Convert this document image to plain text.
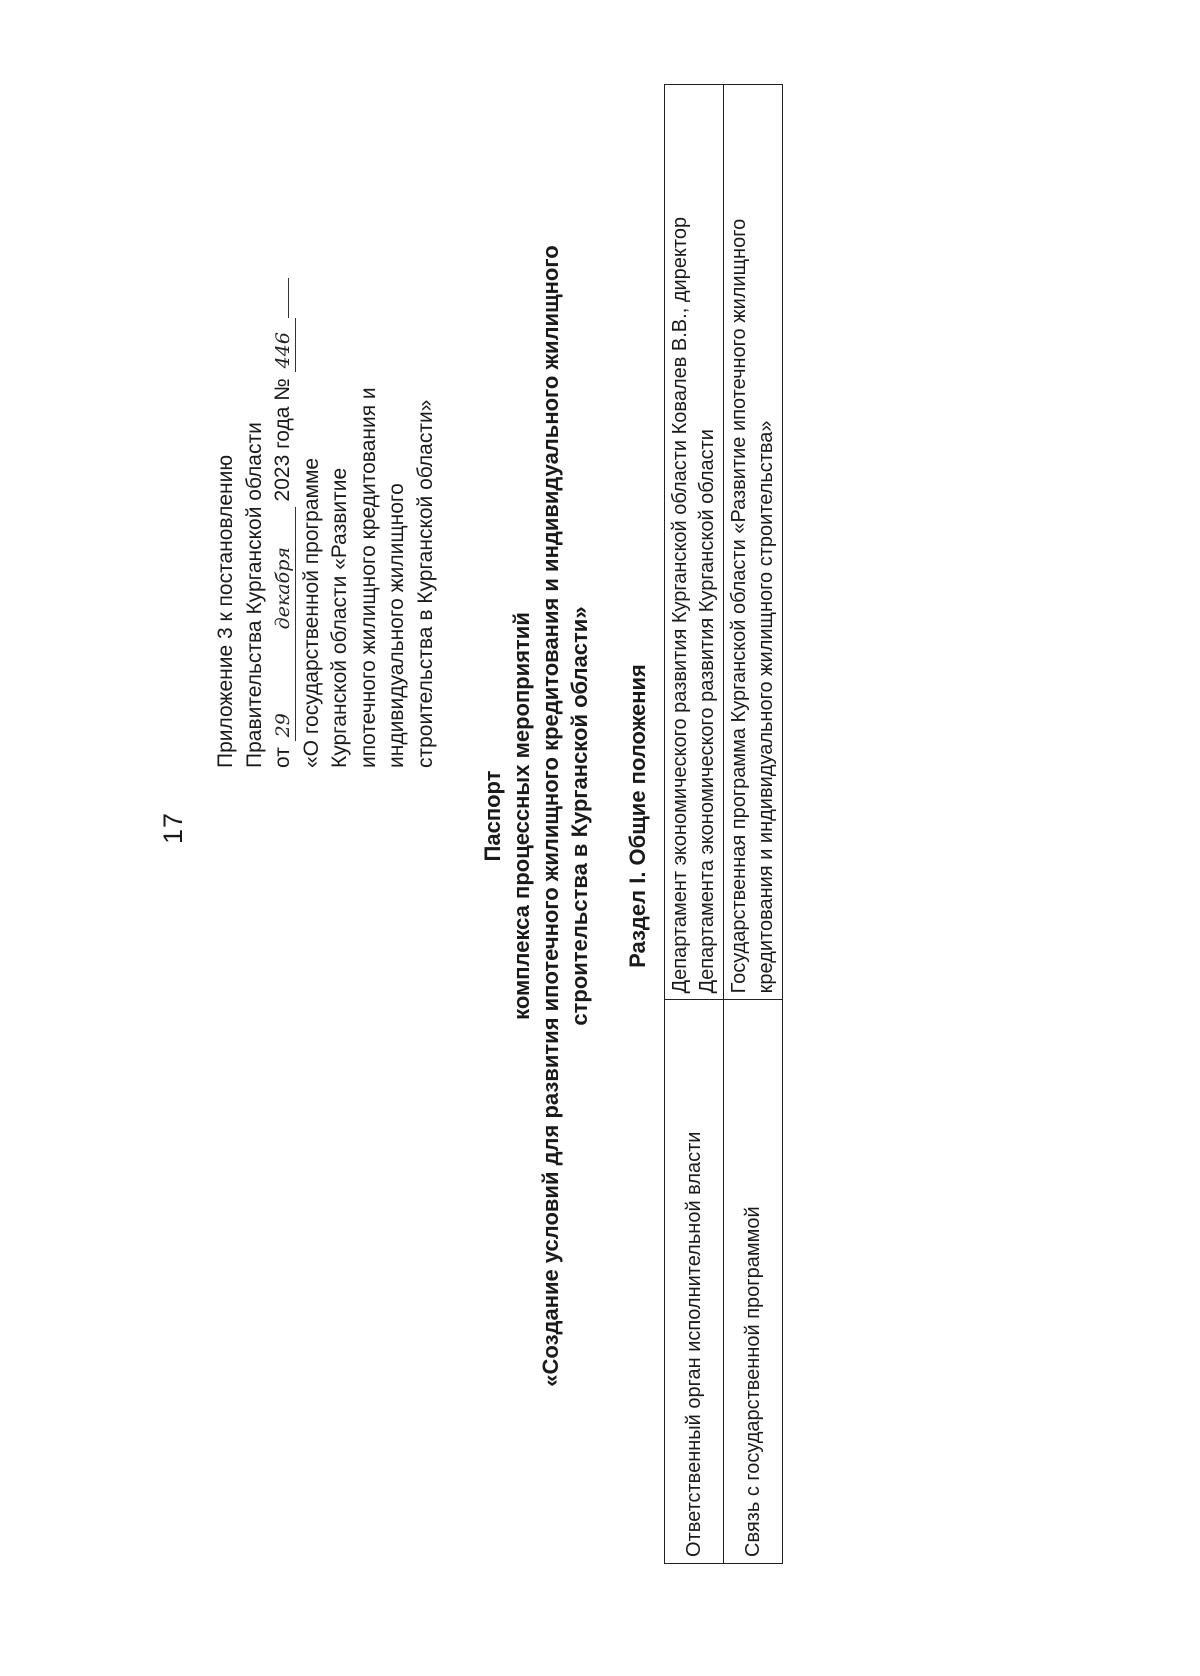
17
Приложение 3 к постановлению Правительства Курганской области от 29декабря 2023 года № 446
«О государственной программе Курганской области «Развитие ипотечного жилищного кредитования и индивидуального жилищного строительства в Курганской области»
Паспорт комплекса процессных мероприятий «Создание условий для развития ипотечного жилищного кредитования и индивидуального жилищного строительства в Курганской области» Раздел I. Общие положения
Ответственный орган исполнительной власти	Департамент экономического развития Курганской области Ковалев В.В., директор Департамента экономического развития Курганской области
Связь с государственной программой	Государственная программа Курганской области «Развитие ипотечного жилищного кредитования и индивидуального жилищного строительства»
